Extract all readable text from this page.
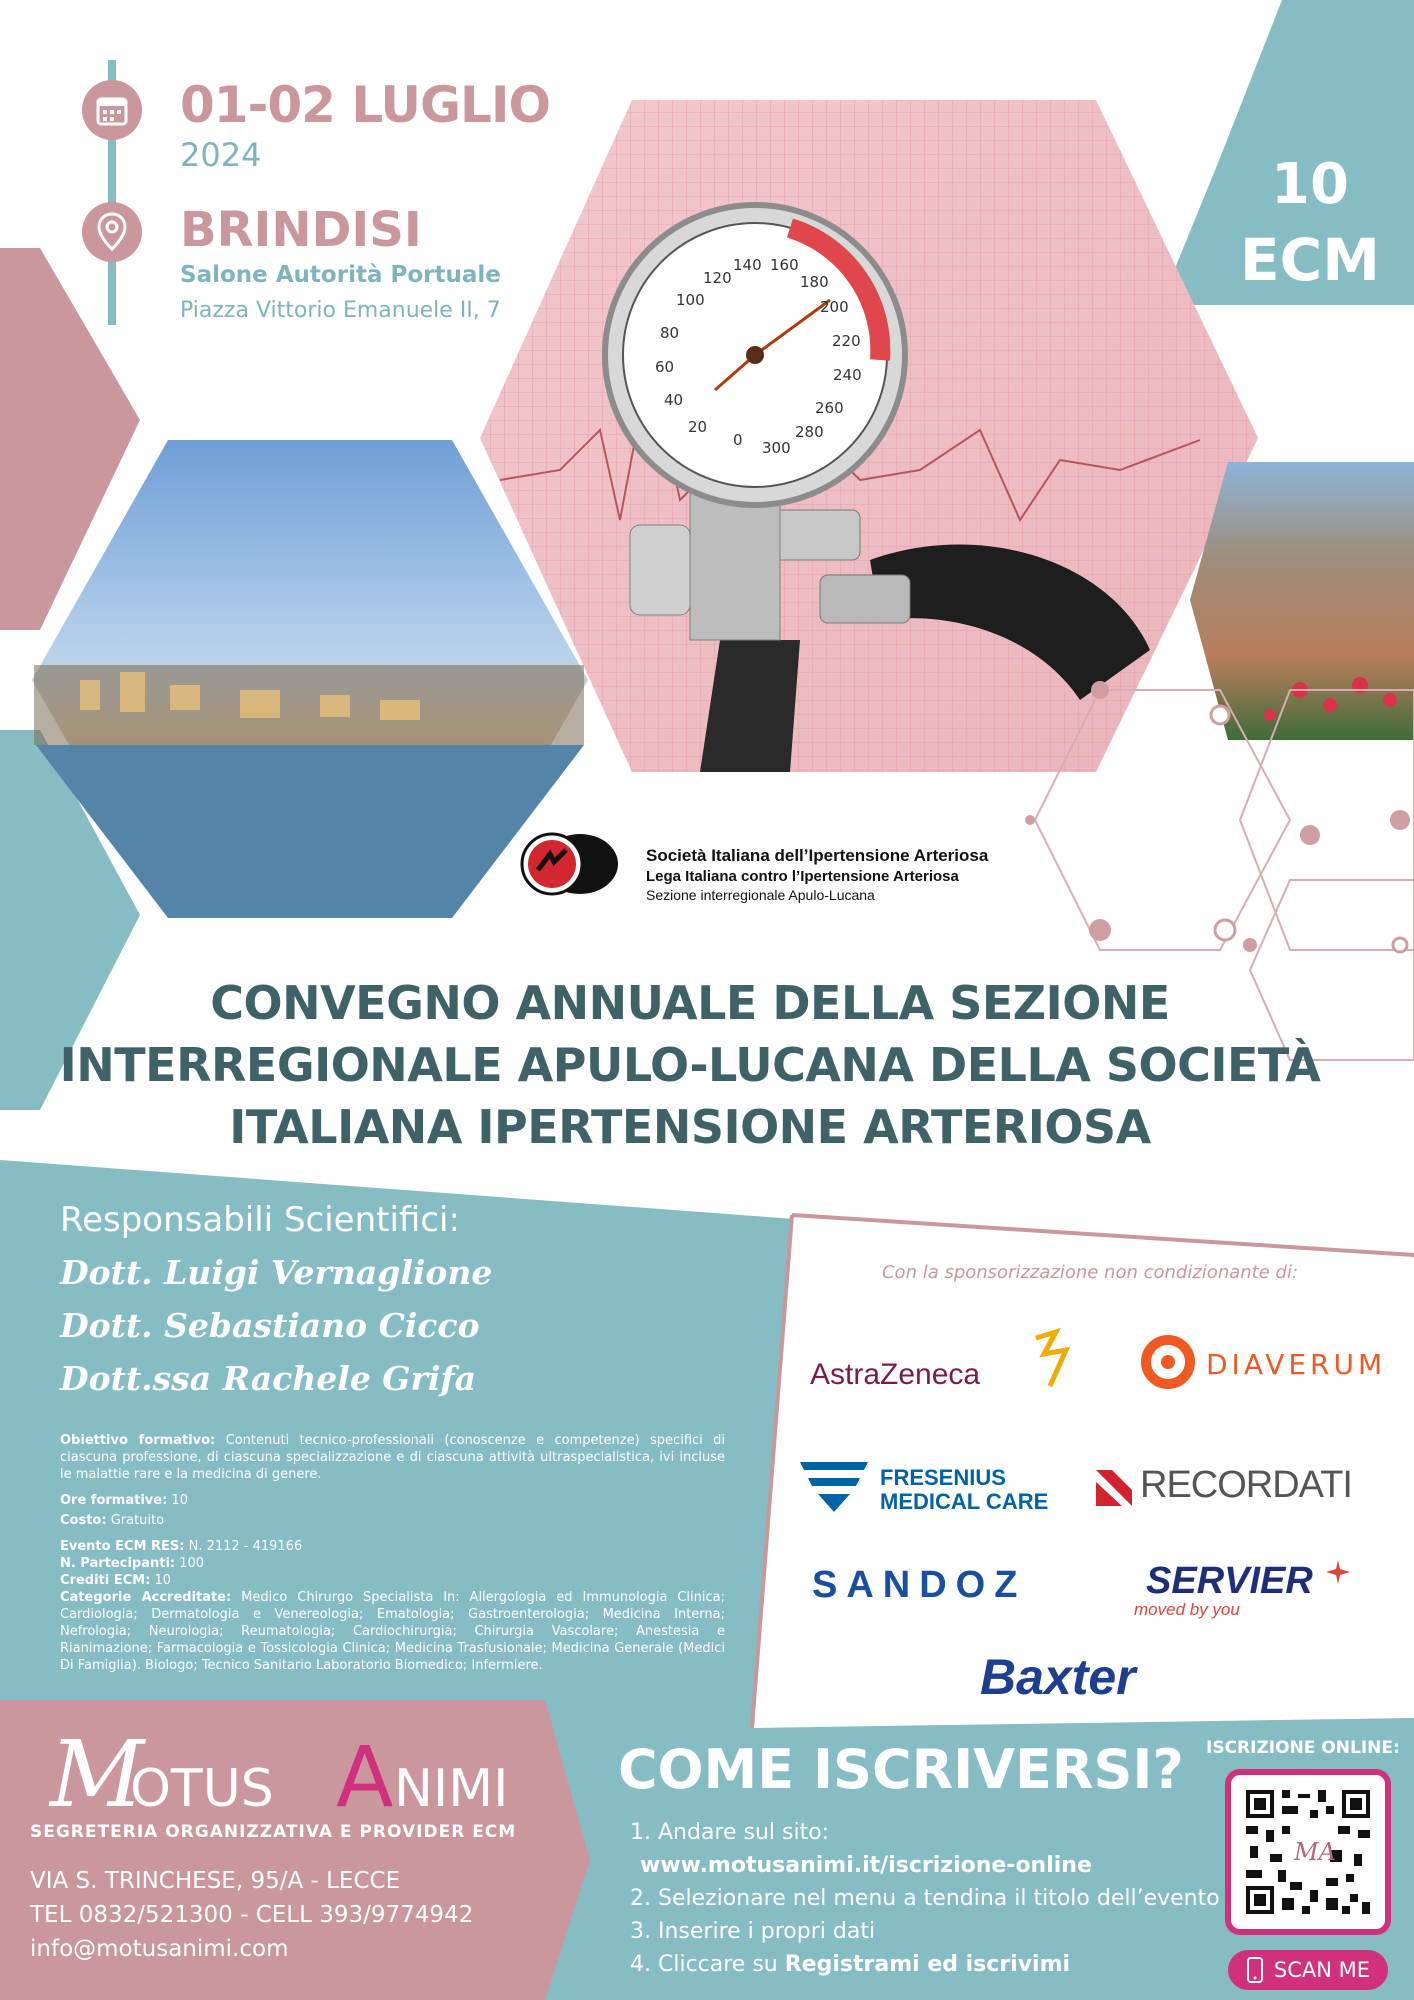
0
20
40
60
80
100
120
140 160
180
200
220
240
260
280
300
01-02 LUGLIO
2024
BRINDISI
Salone Autorità Portuale
Piazza Vittorio Emanuele II, 7
10
ECM
Società Italiana dell’Ipertensione Arteriosa
Lega Italiana contro l’Ipertensione Arteriosa
Sezione interregionale Apulo-Lucana
CONVEGNO ANNUALE DELLA SEZIONE
INTERREGIONALE APULO-LUCANA DELLA SOCIETÀ
ITALIANA IPERTENSIONE ARTERIOSA
Responsabili Scientifici:
Dott. Luigi Vernaglione
Dott. Sebastiano Cicco
Dott.ssa Rachele Grifa
Obiettivo formativo: Contenuti tecnico-professionali (conoscenze e competenze) specifici di ciascuna professione, di ciascuna specializzazione e di ciascuna attività ultraspecialistica, ivi incluse le malattie rare e la medicina di genere.
Ore formative: 10
Costo: Gratuito
Evento ECM RES: N. 2112 - 419166
N. Partecipanti: 100
Crediti ECM: 10
Categorie Accreditate: Medico Chirurgo Specialista In: Allergologia ed Immunologia Clinica; Cardiologia; Dermatologia e Venereologia; Ematologia; Gastroenterologia; Medicina Interna; Nefrologia; Neurologia; Reumatologia; Cardiochirurgia; Chirurgia Vascolare; Anestesia e Rianimazione; Farmacologia e Tossicologia Clinica; Medicina Trasfusionale; Medicina Generale (Medici Di Famiglia). Biologo; Tecnico Sanitario Laboratorio Biomedico; Infermiere.
Con la sponsorizzazione non condizionante di:
AstraZeneca	DIAVERUM
FRESENIUS
MEDICAL CARE RECORDATI
SANDOZ	SERVIER
moved by you
Baxter
M
OTUS A NIMI
SEGRETERIA ORGANIZZATIVA E PROVIDER ECM
VIA S. TRINCHESE, 95/A - LECCE
TEL 0832/521300 - CELL 393/9774942
info@motusanimi.com
COME ISCRIVERSI?
1. Andare sul sito:
www.motusanimi.it/iscrizione-online
2. Selezionare nel menu a tendina il titolo dell’evento
3. Inserire i propri dati
4. Cliccare su Registrami ed iscrivimi
ISCRIZIONE ONLINE:
MA
SCAN ME
